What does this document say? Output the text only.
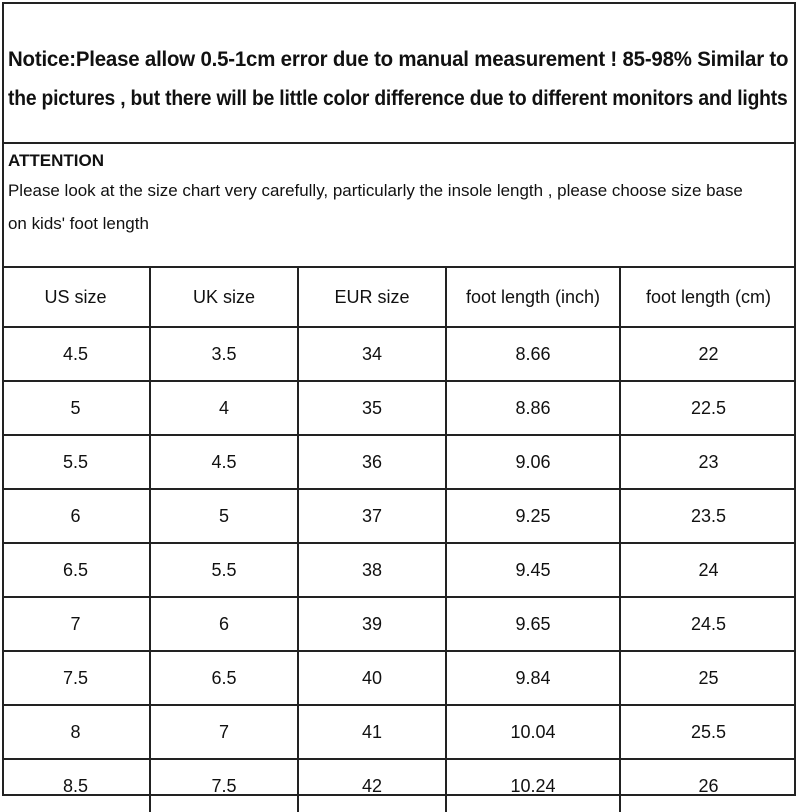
Notice:Please allow 0.5-1cm error due to manual measurement ! 85-98% Similar to
the pictures , but there will be little color difference due to different monitors and lights
ATTENTION
Please look at the size chart very carefully, particularly the insole length , please choose size base
on kids' foot length
US size	UK size	EUR size	foot length (inch)	foot length (cm)
4.5	3.5	34	8.66	22
5	4	35	8.86	22.5
5.5	4.5	36	9.06	23
6	5	37	9.25	23.5
6.5	5.5	38	9.45	24
7	6	39	9.65	24.5
7.5	6.5	40	9.84	25
8	7	41	10.04	25.5
8.5	7.5	42	10.24	26
